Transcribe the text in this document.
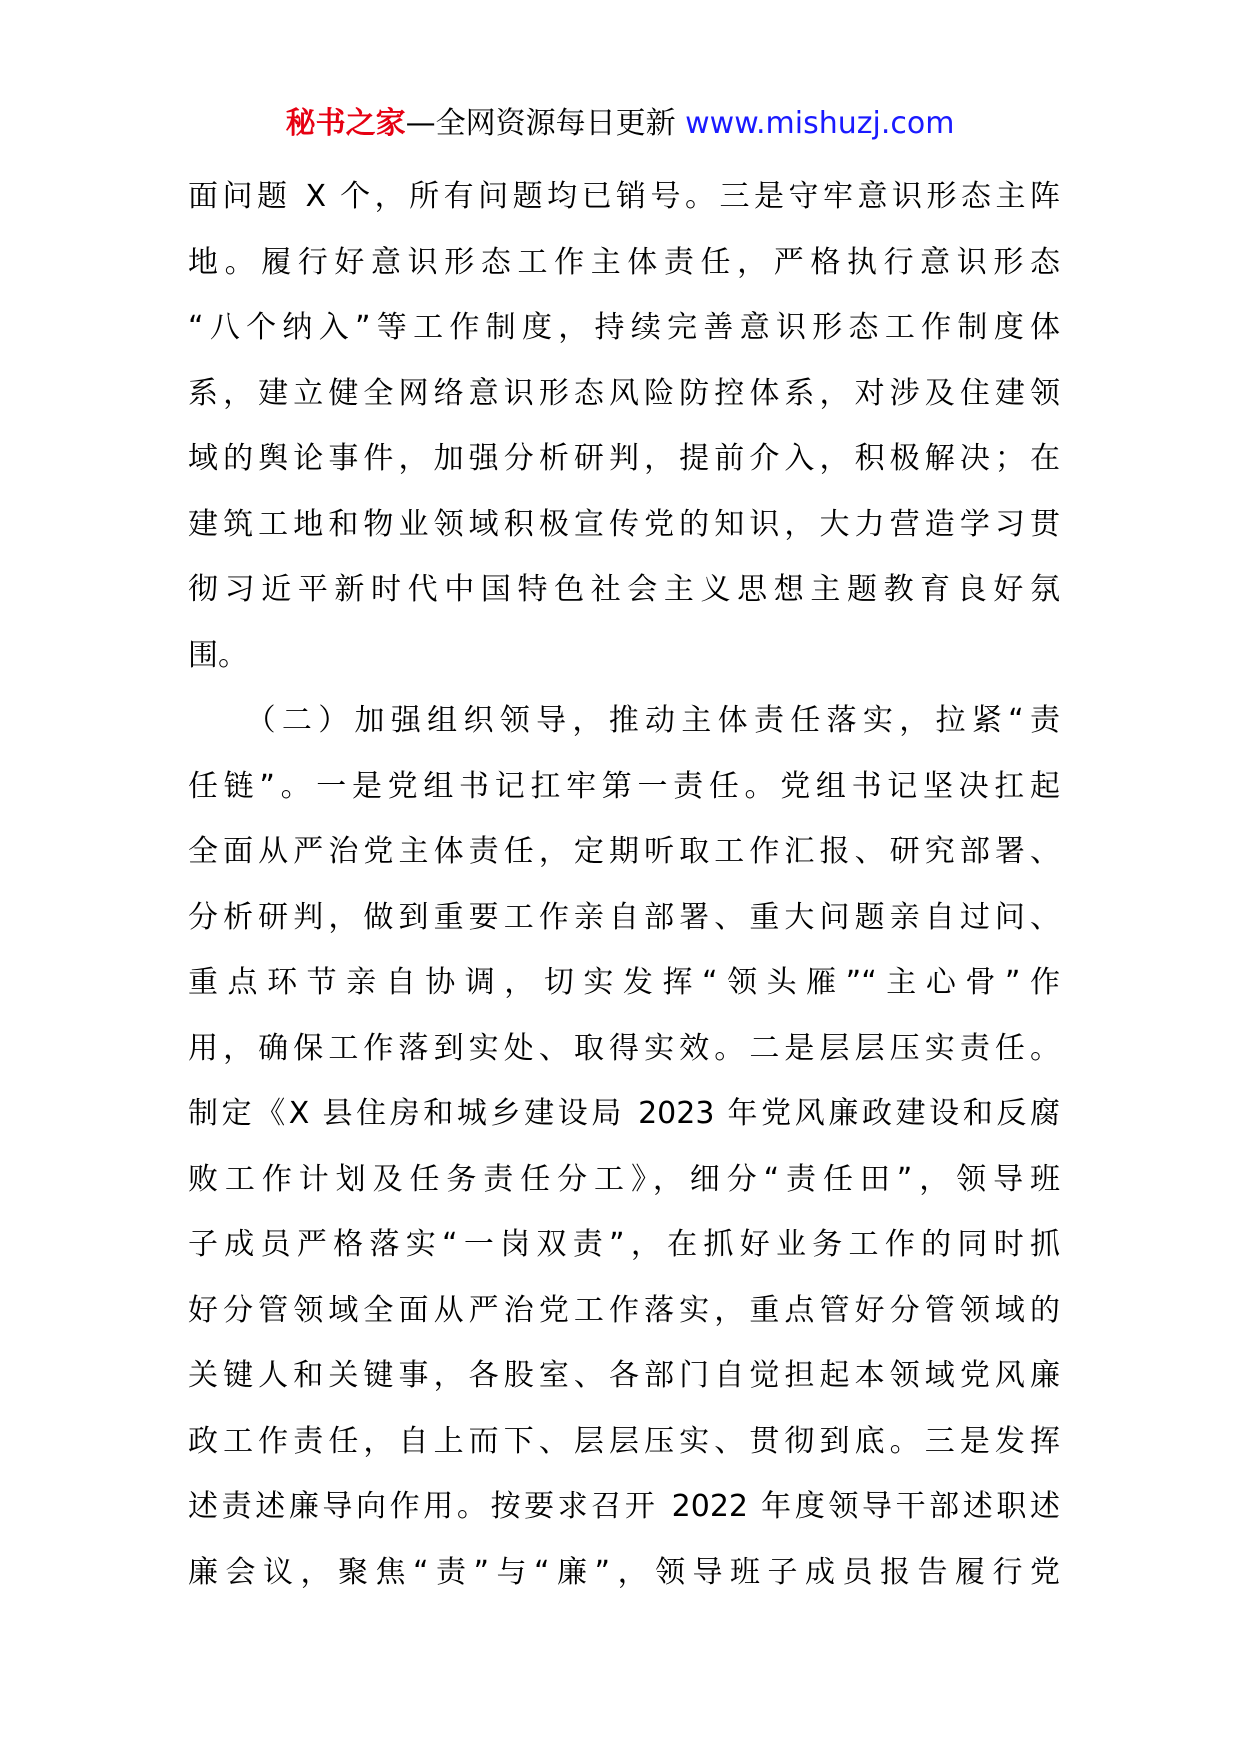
秘书之家—全网资源每日更新 www.mishuzj.com
面问题 X 个，所有问题均已销号。三是守牢意识形态主阵
地。履行好意识形态工作主体责任，严格执行意识形态
“八个纳入”等工作制度，持续完善意识形态工作制度体
系，建立健全网络意识形态风险防控体系，对涉及住建领
域的舆论事件，加强分析研判，提前介入，积极解决；在
建筑工地和物业领域积极宣传党的知识，大力营造学习贯
彻习近平新时代中国特色社会主义思想主题教育良好氛
围。
　　（二）加强组织领导，推动主体责任落实，拉紧“责
任链”。一是党组书记扛牢第一责任。党组书记坚决扛起
全面从严治党主体责任，定期听取工作汇报、研究部署、
分析研判，做到重要工作亲自部署、重大问题亲自过问、
重点环节亲自协调，切实发挥“领头雁”“主心骨”作
用，确保工作落到实处、取得实效。二是层层压实责任。
制定《X 县住房和城乡建设局 2023 年党风廉政建设和反腐
败工作计划及任务责任分工》，细分“责任田”，领导班
子成员严格落实“一岗双责”，在抓好业务工作的同时抓
好分管领域全面从严治党工作落实，重点管好分管领域的
关键人和关键事，各股室、各部门自觉担起本领域党风廉
政工作责任，自上而下、层层压实、贯彻到底。三是发挥
述责述廉导向作用。按要求召开 2022 年度领导干部述职述
廉会议，聚焦“责”与“廉”，领导班子成员报告履行党
